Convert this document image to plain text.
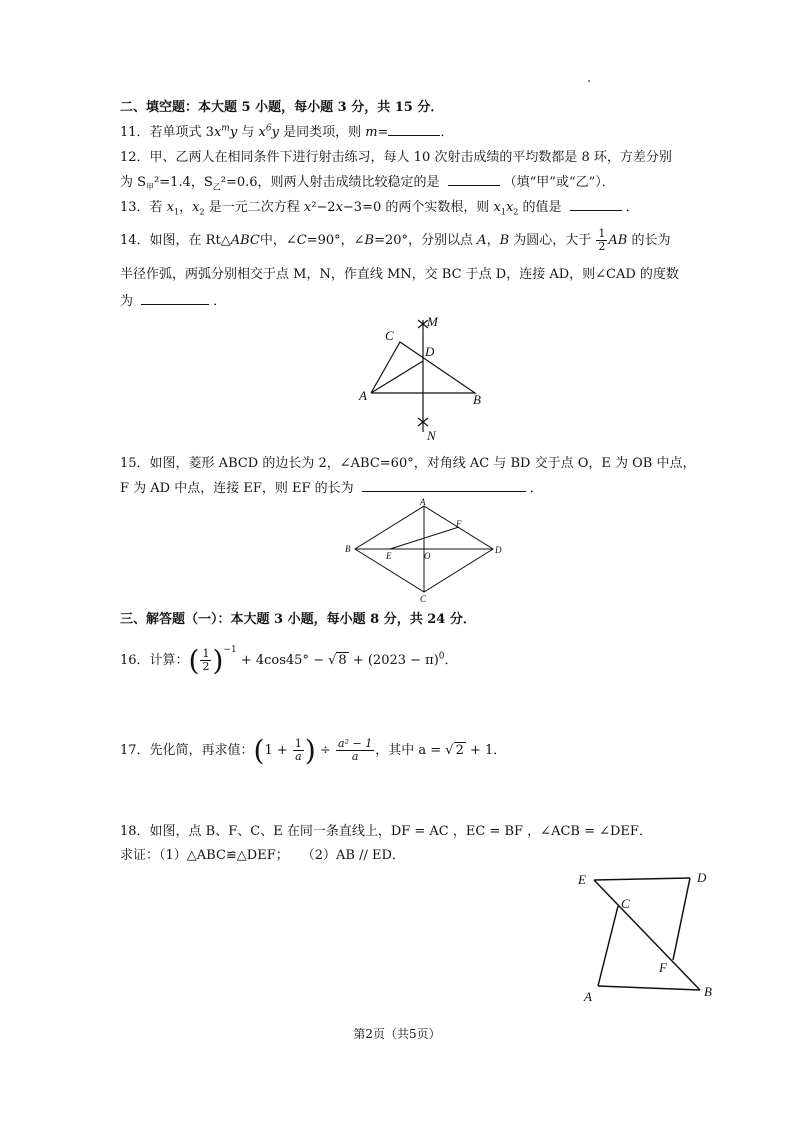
二、填空题：本大题 5 小题，每小题 3 分，共 15 分．
11．若单项式 $3x^my$ 与 $x^6y$ 是同类项，则 m=	．
12．甲、乙两人在相同条件下进行射击练习，每人 10 次射击成绩的平均数都是 8 环，方差分别
为 $S_甲^2=1.4$，$S_乙^2=0.6$，则两人射击成绩比较稳定的是	（填“甲”或“乙”）．
13．若 $x_1$，$x_2$ 是一元二次方程 x²−2x−3=0 的两个实数根，则 $x_1x_2$ 的值是	．
14．如图，在 Rt△ABC中，∠C=90°，∠B=20°，分别以点 A，B 为圆心，大于 $\frac{1}{2}$ AB 的长为
半径作弧，两弧分别相交于点 M，N，作直线 MN，交 BC 于点 D，连接 AD，则∠CAD 的度数
为	．
C
M
D
A	B
N
15．如图，菱形 ABCD 的边长为 2，∠ABC=60°，对角线 AC 与 BD 交于点 O，E 为 OB 中点，
F 为 AD 中点，连接 EF，则 EF 的长为	．
A
F
B
E	O
D
C
三、解答题（一）：本大题 3 小题，每小题 8 分，共 24 分．
16．计算：( $\frac{1}{2} )^{-1} + 4\cos 45^\circ$ − √ $8 + (2023 - \pi)^0$．
17．先化简，再求值：($1 + \frac{1}{a}$ ) ÷ $\frac{\text{a² − 1}}{a}$ ，其中 a = √ 2 + 1．
18．如图，点 B、F、C、E 在同一条直线上，DF = AC ，EC = BF ，∠ACB = ∠DEF．
求证：（1）△ABC≌△DEF；　　（2）AB // ED．
E	D
C
F
A	B
第2页（共5页）
